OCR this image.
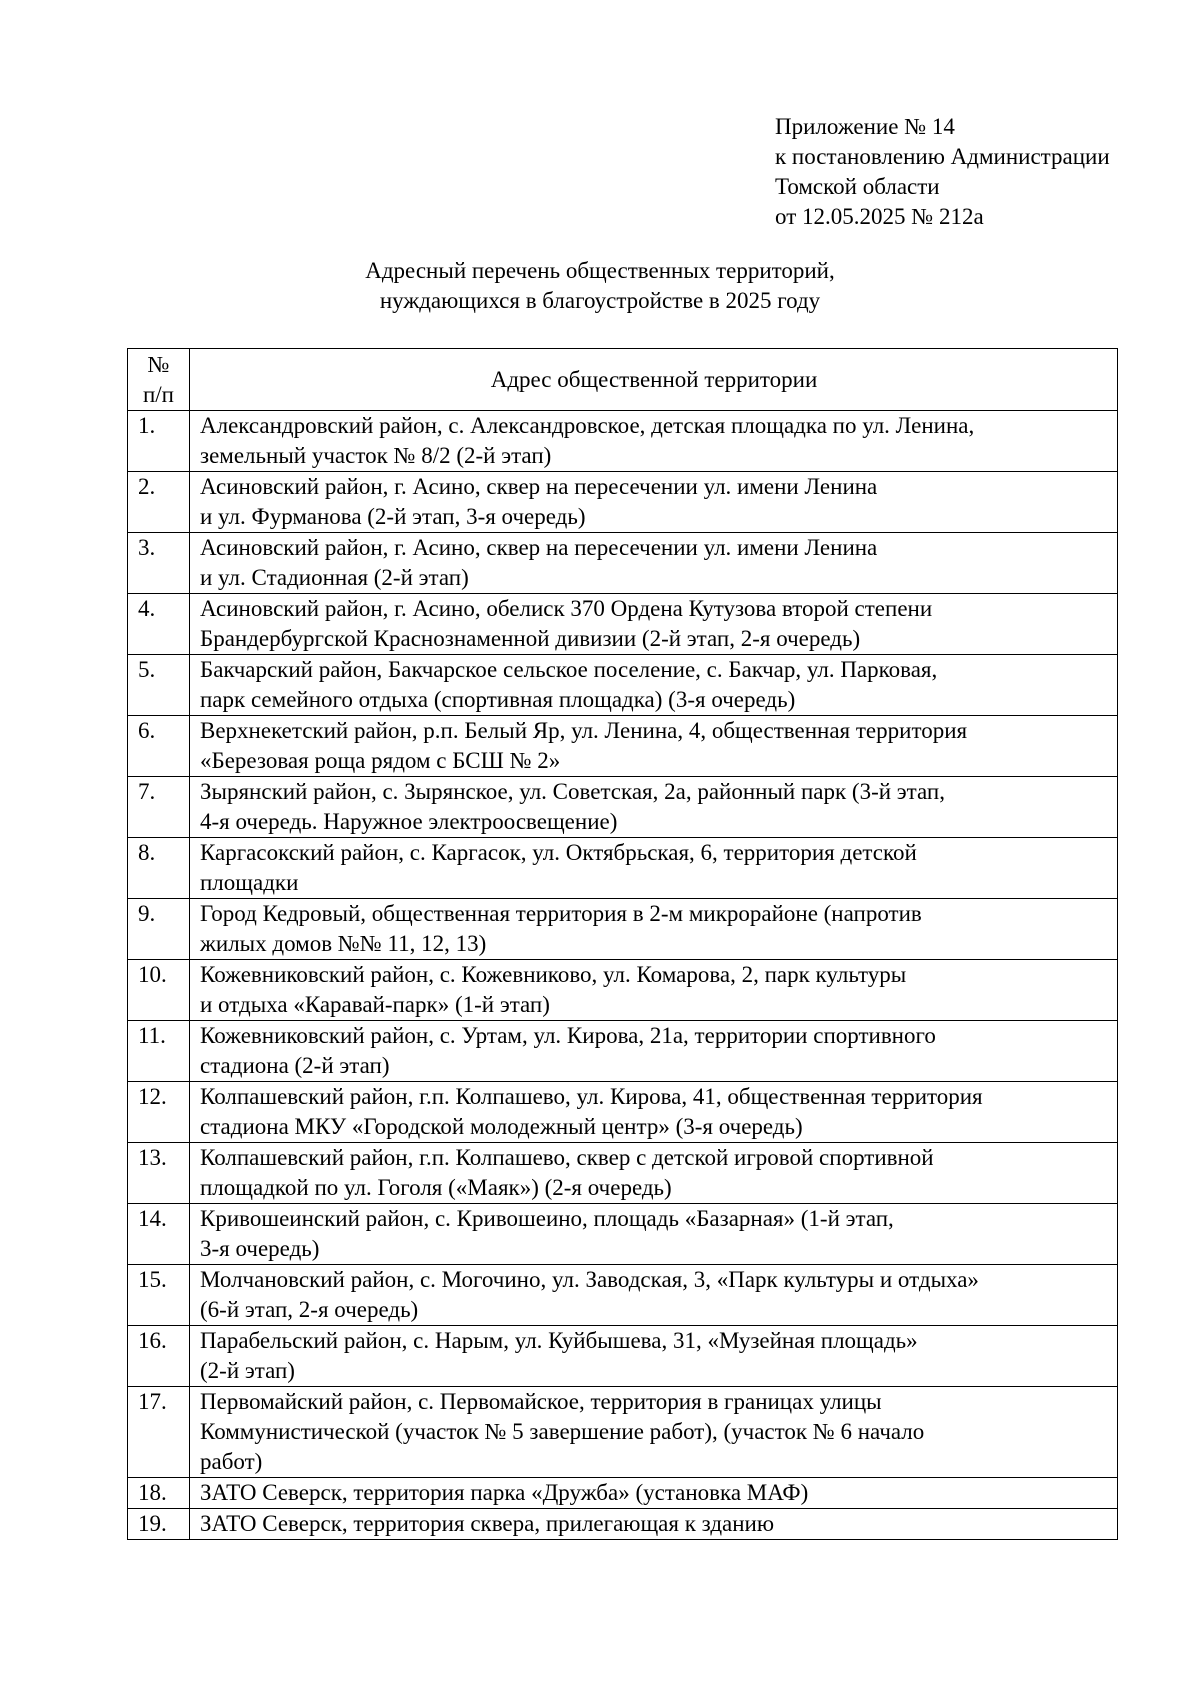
Приложение № 14
к постановлению Администрации
Томской области
от 12.05.2025 № 212а
Адресный перечень общественных территорий,
нуждающихся в благоустройстве в 2025 году
№
п/п	Адрес общественной территории
1.	Александровский район, с. Александровское, детская площадка по ул. Ленина,
земельный участок № 8/2 (2-й этап)

2.	Асиновский район, г. Асино, сквер на пересечении ул. имени Ленина
и ул. Фурманова (2-й этап, 3-я очередь)

3.	Асиновский район, г. Асино, сквер на пересечении ул. имени Ленина
и ул. Стадионная (2-й этап)

4.	Асиновский район, г. Асино, обелиск 370 Ордена Кутузова второй степени
Брандербургской Краснознаменной дивизии (2-й этап, 2-я очередь)

5.	Бакчарский район, Бакчарское сельское поселение, с. Бакчар, ул. Парковая,
парк семейного отдыха (спортивная площадка) (3-я очередь)

6.	Верхнекетский район, р.п. Белый Яр, ул. Ленина, 4, общественная территория
«Березовая роща рядом с БСШ № 2»

7.	Зырянский район, с. Зырянское, ул. Советская, 2а, районный парк (3-й этап,
4-я очередь. Наружное электроосвещение)

8.	Каргасокский район, с. Каргасок, ул. Октябрьская, 6, территория детской
площадки

9.	Город Кедровый, общественная территория в 2-м микрорайоне (напротив
жилых домов №№ 11, 12, 13)

10.	Кожевниковский район, с. Кожевниково, ул. Комарова, 2, парк культуры
и отдыха «Каравай-парк» (1-й этап)

11.	Кожевниковский район, с. Уртам, ул. Кирова, 21а, территории спортивного
стадиона (2-й этап)

12.	Колпашевский район, г.п. Колпашево, ул. Кирова, 41, общественная территория
стадиона МКУ «Городской молодежный центр» (3-я очередь)

13.	Колпашевский район, г.п. Колпашево, сквер с детской игровой спортивной
площадкой по ул. Гоголя («Маяк») (2-я очередь)

14.	Кривошеинский район, с. Кривошеино, площадь «Базарная» (1-й этап,
3-я очередь)

15.	Молчановский район, с. Могочино, ул. Заводская, 3, «Парк культуры и отдыха»
(6-й этап, 2-я очередь)

16.	Парабельский район, с. Нарым, ул. Куйбышева, 31, «Музейная площадь»
(2-й этап)

17.	Первомайский район, с. Первомайское, территория в границах улицы
Коммунистической (участок № 5 завершение работ), (участок № 6 начало
работ)

18.	ЗАТО Северск, территория парка «Дружба» (установка МАФ)

19.	ЗАТО Северск, территория сквера, прилегающая к зданию
